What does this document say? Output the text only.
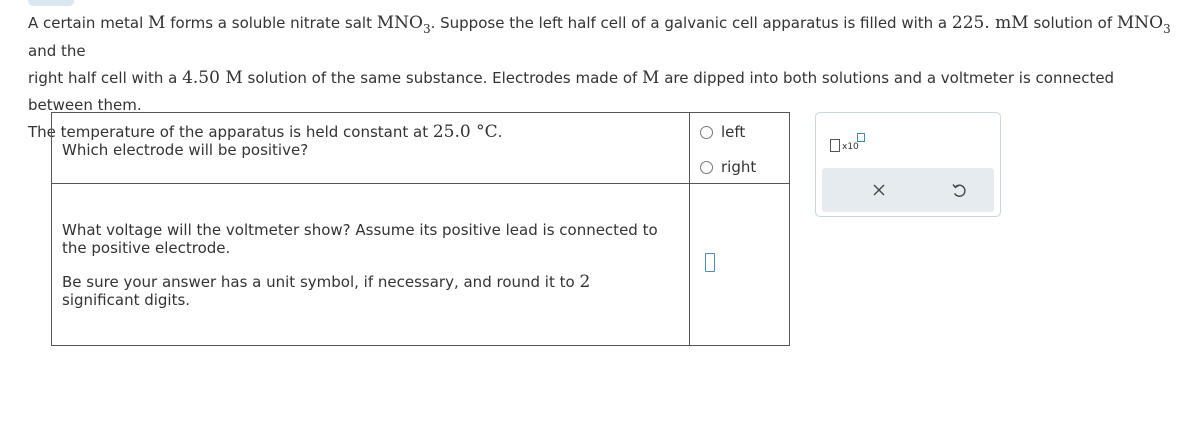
A certain metal M forms a soluble nitrate salt $MNO_3$. Suppose the left half cell of a galvanic cell apparatus is filled with a 225. mM solution of $MNO_3$ and the
right half cell with a 4.50 M solution of the same substance. Electrodes made of M are dipped into both solutions and a voltmeter is connected between them.
The temperature of the apparatus is held constant at 25.0 °C.
Which electrode will be positive?
left
right

What voltage will the voltmeter show? Assume its positive lead is connected to the positive electrode.

Be sure your answer has a unit symbol, if necessary, and round it to 2 significant digits.

x10
